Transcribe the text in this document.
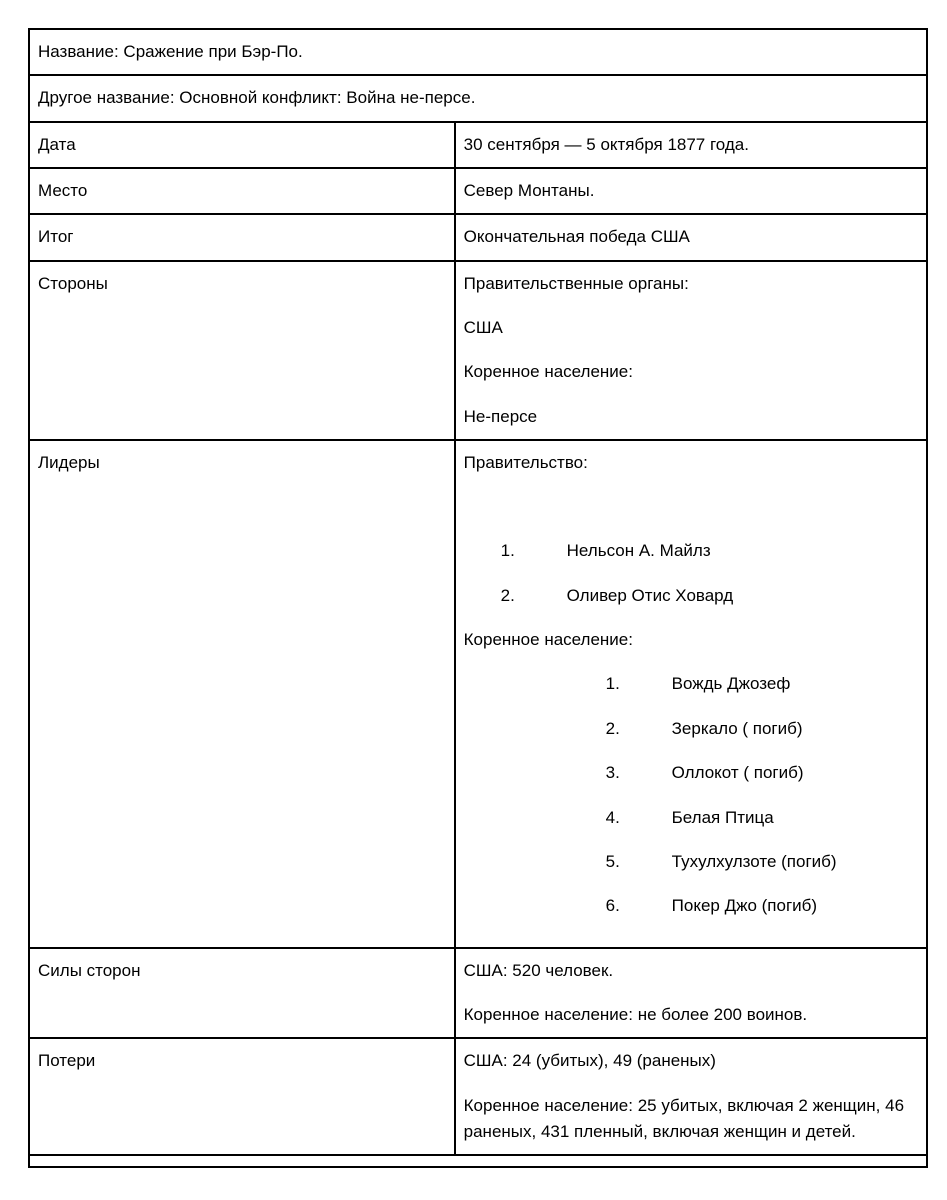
Название: Сражение при Бэр-По.	

Другое название: Основной конфликт: Война не-персе.	

Дата	30 сентября — 5 октября 1877 года.

Место	Север Монтаны.

Итог	Окончательная победа США

Стороны	Правительственные органы:

США

Коренное население:

Не-персе

Лидеры	Правительство:

1.	Нельсон А. Майлз
2.	Оливер Отис Ховард

Коренное население:

1.	Вождь Джозеф
2.	Зеркало ( погиб)
3.	Оллокот ( погиб)
4.	Белая Птица
5.	Тухулхулзоте (погиб)
6.	Покер Джо (погиб)

Силы сторон	США: 520 человек.

Коренное население: не более 200 воинов.

Потери	США: 24 (убитых), 49 (раненых)

Коренное население: 25 убитых, включая 2 женщин, 46 раненых, 431 пленный, включая женщин и детей.
